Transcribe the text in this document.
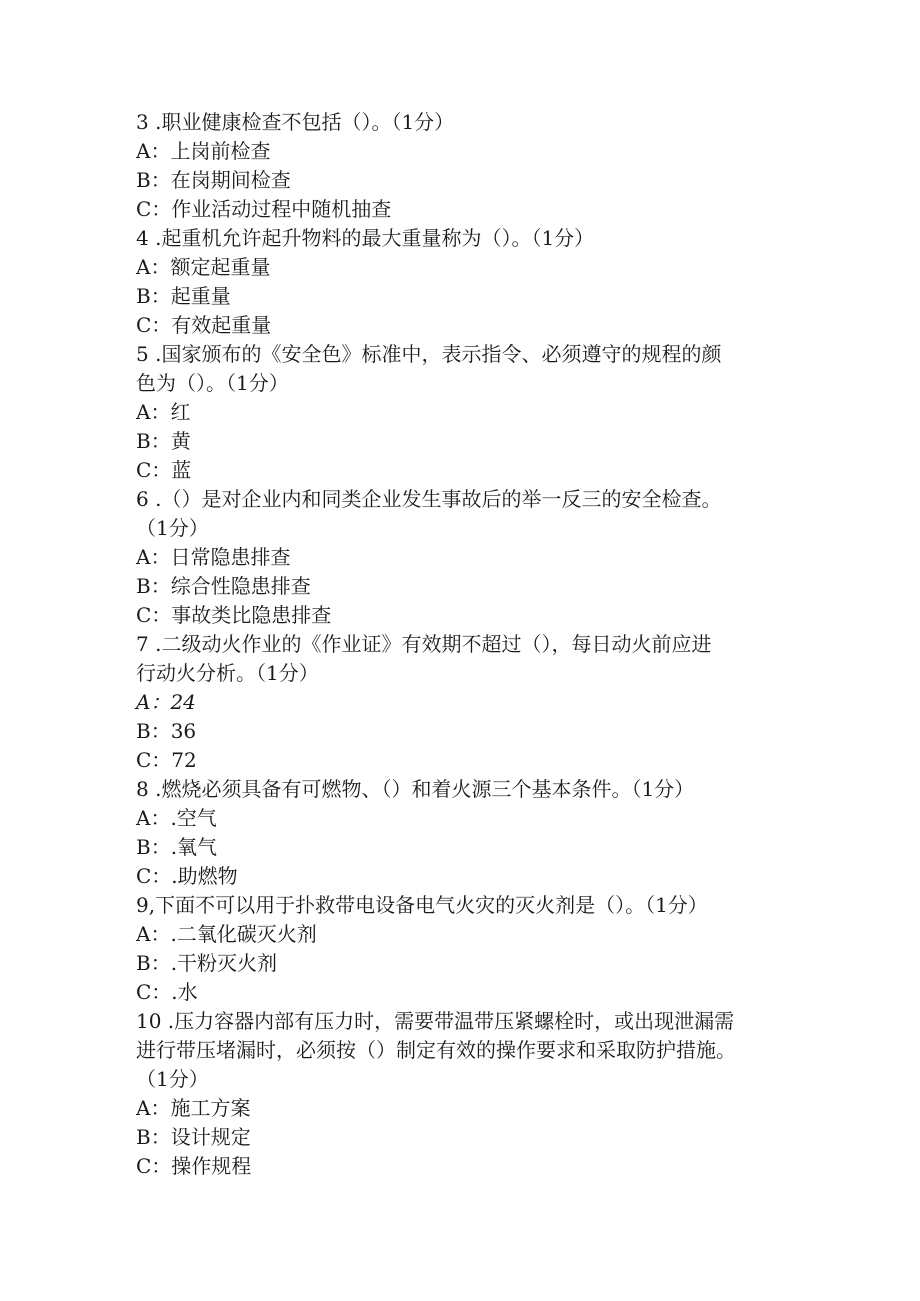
3 .职业健康检查不包括（）。（1分）
A：上岗前检查
B：在岗期间检查
C：作业活动过程中随机抽查
4 .起重机允许起升物料的最大重量称为（）。（1分）
A：额定起重量
B：起重量
C：有效起重量
5 .国家颁布的《安全色》标准中，表示指令、必须遵守的规程的颜
色为（）。（1分）
A：红
B：黄
C：蓝
6 .（）是对企业内和同类企业发生事故后的举一反三的安全检查。
（1分）
A：日常隐患排查
B：综合性隐患排查
C：事故类比隐患排查
7 .二级动火作业的《作业证》有效期不超过（），每日动火前应进
行动火分析。（1分）
A：24
B：36
C：72
8 .燃烧必须具备有可燃物、（）和着火源三个基本条件。（1分）
A：.空气
B：.氧气
C：.助燃物
9,下面不可以用于扑救带电设备电气火灾的灭火剂是（）。（1分）
A：.二氧化碳灭火剂
B：.干粉灭火剂
C：.水
10 .压力容器内部有压力时，需要带温带压紧螺栓时，或出现泄漏需
进行带压堵漏时，必须按（）制定有效的操作要求和采取防护措施。
（1分）
A：施工方案
B：设计规定
C：操作规程
